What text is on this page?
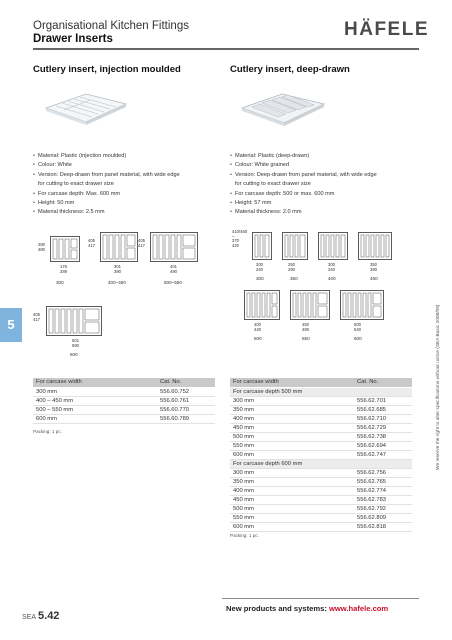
Organisational Kitchen Fittings
Drawer Inserts	HÄFELE
Cutlery insert, injection moulded	Cutlery insert, deep-drawn
• Material: Plastic (injection moulded)
• Colour: White
• Version: Deep-drawn from panel material, with wide edge
for cutting to exact drawer size
• For carcase depth: Max. 600 mm
• Height: 50 mm
• Material thickness: 2.5 mm
• Material: Plastic (deep-drawn)
• Colour: White grained
• Version: Deep-drawn from panel material, with wide edge
for cutting to exact drawer size
• For carcase depth: 500 or max. 600 mm
• Height: 57 mm
• Material thickness: 2.0 mm
280
480
176
289
300
405
417
301
390
400–450
405
417
401
490
500–550
405
417
501
590
600
410/460
–
370
420
200
240
300
250
290
350
300
340
400
350
390
450
400
440
500
450
490
550
500
540
600
5
For carcase width	Cat. No.
300 mm	556.60.752
400 – 450 mm	556.60.761
500 – 550 mm	556.60.770
600 mm	556.60.789
Packing: 1 pc.
For carcase width	Cat. No.
For carcase depth 500 mm	
300 mm	556.62.701
350 mm	556.62.685
400 mm	556.62.710
450 mm	556.62.729
500 mm	556.62.738
550 mm	556.62.694
600 mm	556.62.747
For carcase depth 600 mm	
300 mm	556.62.756
350 mm	556.62.765
400 mm	556.62.774
450 mm	556.62.783
500 mm	556.62.792
550 mm	556.62.809
600 mm	556.62.818
Packing: 1 pc.
We reserve the right to alter specifications without notice (SEA Basic 2008/09)
New products and systems: www.hafele.com
SEA 5.42
